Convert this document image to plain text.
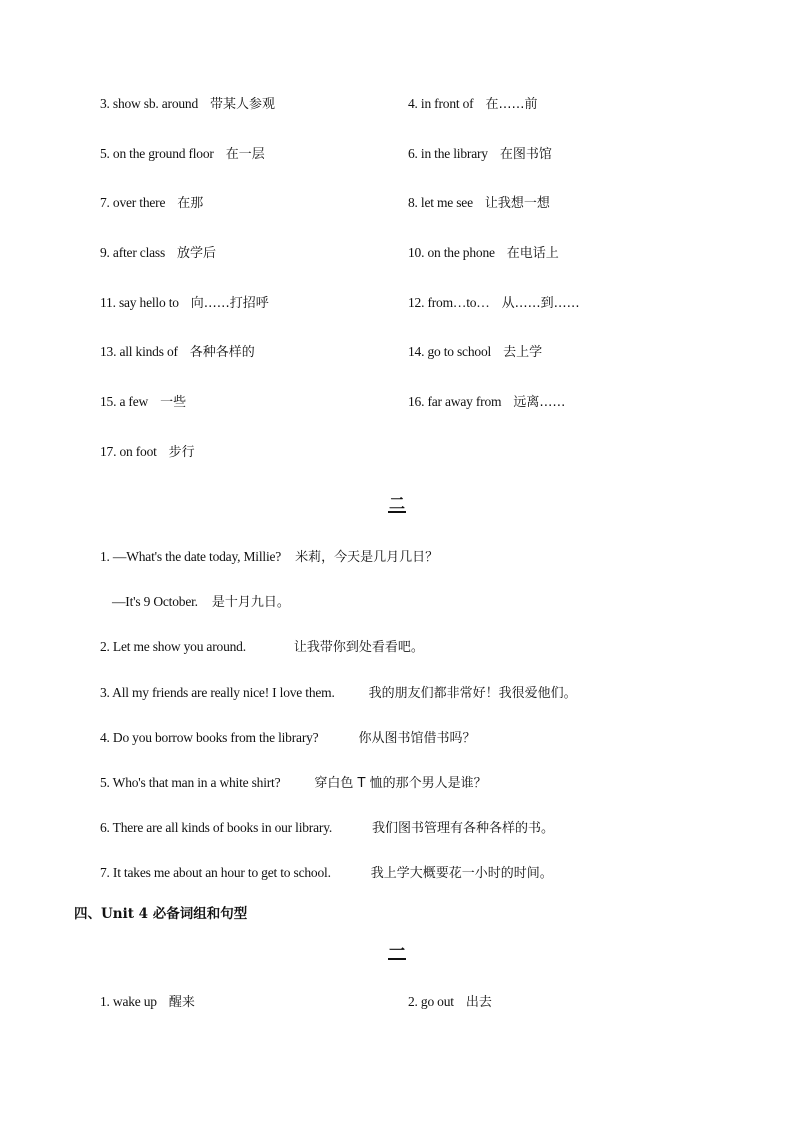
3. show sb. around 带某人参观	4. in front of 在……前
5. on the ground floor 在一层	6. in the library 在图书馆
7. over there 在那	8. let me see 让我想一想
9. after class 放学后	10. on the phone 在电话上
11. say hello to 向……打招呼	12. from…to… 从……到……
13. all kinds of 各种各样的	14. go to school 去上学
15. a few 一些	16. far away from 远离……
17. on foot 步行
二
1. —What's the date today, Millie? 米莉，今天是几月几日？
—It's 9 October. 是十月九日。
2. Let me show you around.	让我带你到处看看吧。
3. All my friends are really nice! I love them.	我的朋友们都非常好！我很爱他们。
4. Do you borrow books from the library?	你从图书馆借书吗？
5. Who's that man in a white shirt?	穿白色 T 恤的那个男人是谁？
6. There are all kinds of books in our library.	我们图书管理有各种各样的书。
7. It takes me about an hour to get to school.	我上学大概要花一小时的时间。
四、Unit 4 必备词组和句型
一
1. wake up 醒来	2. go out 出去
